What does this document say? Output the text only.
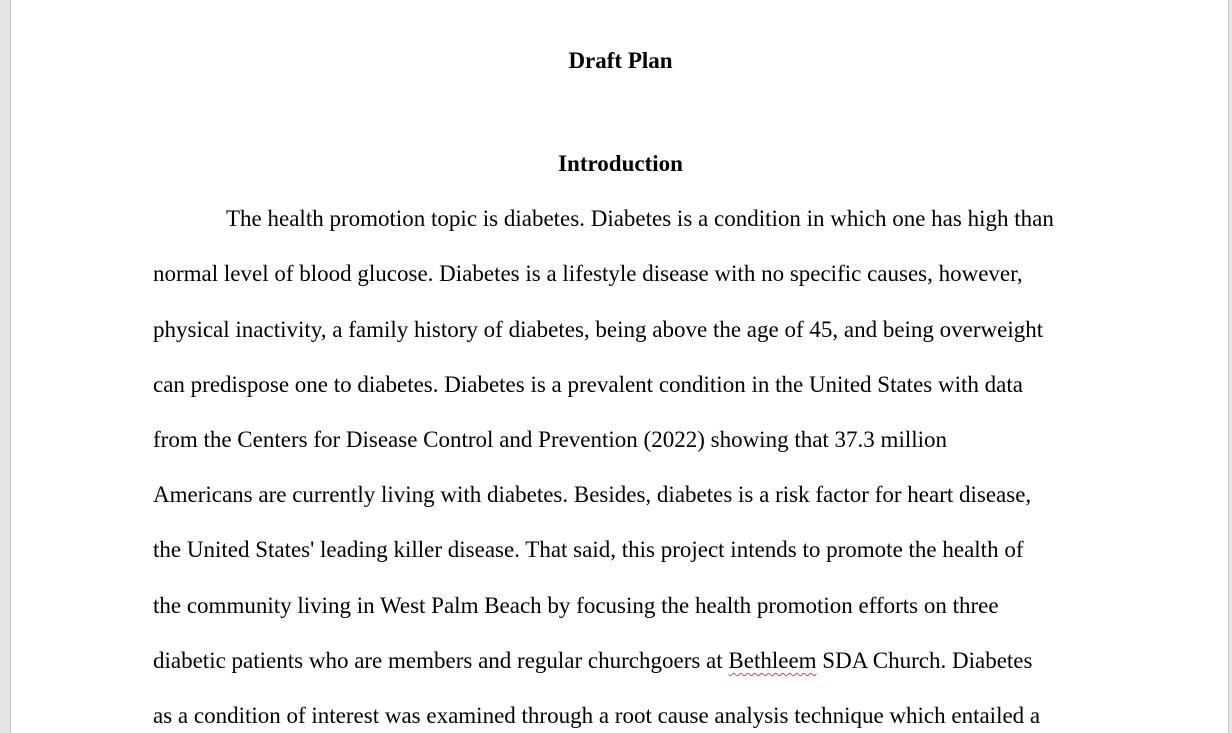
Draft Plan
Introduction

The health promotion topic is diabetes. Diabetes is a condition in which one has high than

normal level of blood glucose. Diabetes is a lifestyle disease with no specific causes, however,

physical inactivity, a family history of diabetes, being above the age of 45, and being overweight

can predispose one to diabetes. Diabetes is a prevalent condition in the United States with data

from the Centers for Disease Control and Prevention (2022) showing that 37.3 million

Americans are currently living with diabetes. Besides, diabetes is a risk factor for heart disease,

the United States' leading killer disease. That said, this project intends to promote the health of

the community living in West Palm Beach by focusing the health promotion efforts on three

diabetic patients who are members and regular churchgoers at Bethleem SDA Church. Diabetes

as a condition of interest was examined through a root cause analysis technique which entailed a
